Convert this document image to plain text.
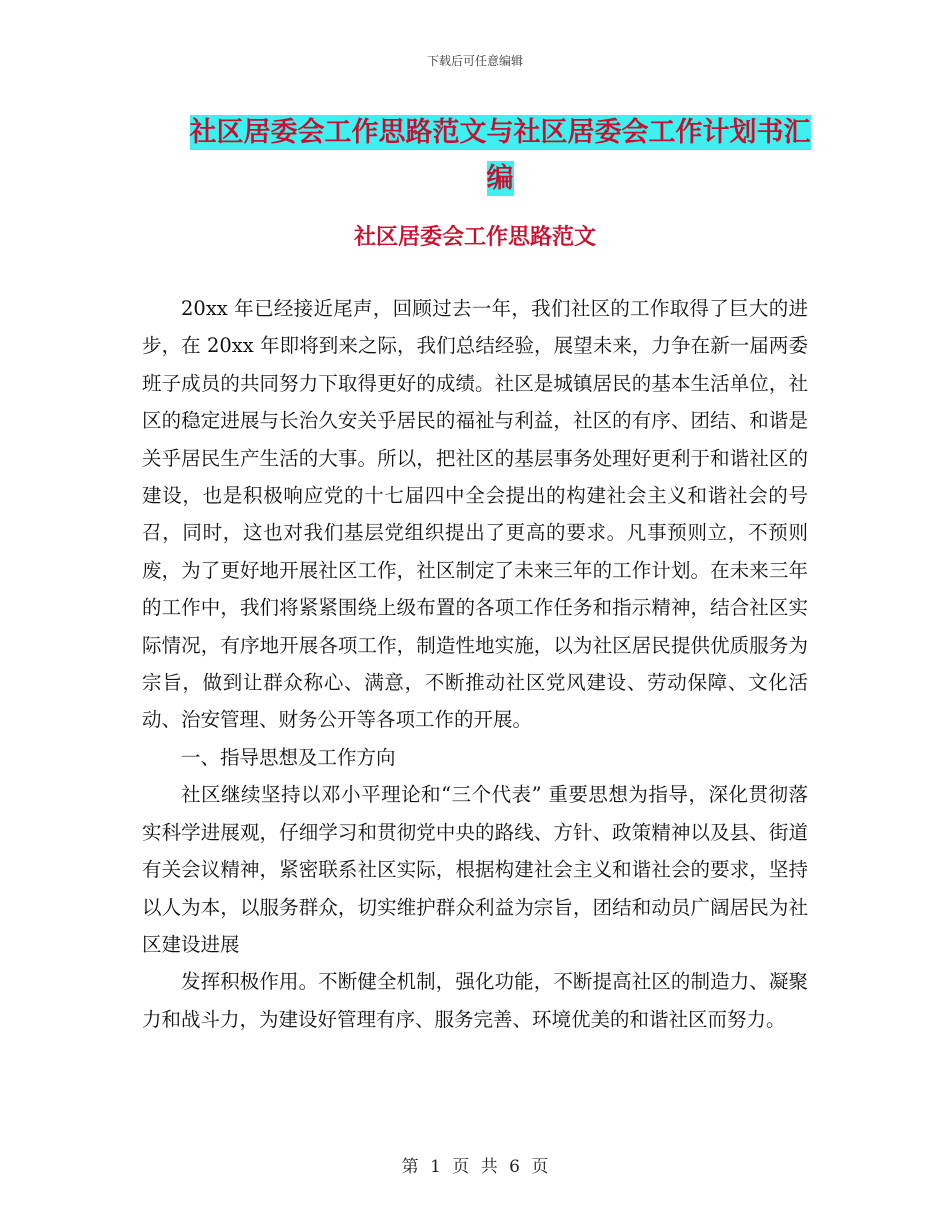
下载后可任意编辑
社区居委会工作思路范文与社区居委会工作计划书汇编
社区居委会工作思路范文

20xx 年已经接近尾声，回顾过去一年，我们社区的工作取得了巨大的进步，在 20xx 年即将到来之际，我们总结经验，展望未来，力争在新一届两委班子成员的共同努力下取得更好的成绩。社区是城镇居民的基本生活单位，社区的稳定进展与长治久安关乎居民的福祉与利益，社区的有序、团结、和谐是关乎居民生产生活的大事。所以，把社区的基层事务处理好更利于和谐社区的建设，也是积极响应党的十七届四中全会提出的构建社会主义和谐社会的号召，同时，这也对我们基层党组织提出了更高的要求。凡事预则立，不预则废，为了更好地开展社区工作，社区制定了未来三年的工作计划。在未来三年的工作中，我们将紧紧围绕上级布置的各项工作任务和指示精神，结合社区实际情况，有序地开展各项工作，制造性地实施，以为社区居民提供优质服务为宗旨，做到让群众称心、满意，不断推动社区党风建设、劳动保障、文化活动、治安管理、财务公开等各项工作的开展。

一、指导思想及工作方向

社区继续坚持以邓小平理论和“三个代表” 重要思想为指导，深化贯彻落实科学进展观，仔细学习和贯彻党中央的路线、方针、政策精神以及县、街道有关会议精神，紧密联系社区实际，根据构建社会主义和谐社会的要求，坚持以人为本，以服务群众，切实维护群众利益为宗旨，团结和动员广阔居民为社区建设进展

发挥积极作用。不断健全机制，强化功能，不断提高社区的制造力、凝聚力和战斗力，为建设好管理有序、服务完善、环境优美的和谐社区而努力。

第 1 页 共 6 页
